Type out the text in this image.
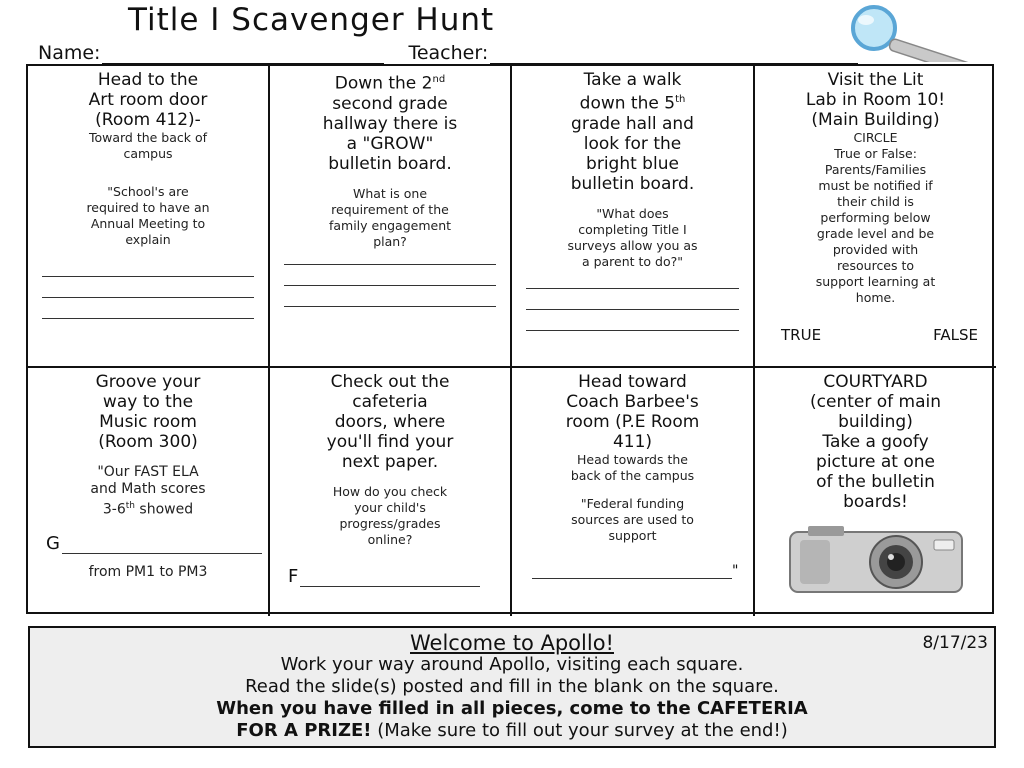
Title I Scavenger Hunt
Name:	Teacher:
Head to the
Art room door
(Room 412)-
Toward the back of
campus
"School's are
required to have an
Annual Meeting to
explain
Down the 2nd
second grade
hallway there is
a "GROW"
bulletin board.
What is one
requirement of the
family engagement
plan?
Take a walk
down the 5th
grade hall and
look for the
bright blue
bulletin board.
"What does
completing Title I
surveys allow you as
a parent to do?"
Visit the Lit
Lab in Room 10!
(Main Building)
CIRCLE
True or False:
Parents/Families
must be notified if
their child is
performing below
grade level and be
provided with
resources to
support learning at
home.
TRUE	FALSE
Groove your
way to the
Music room
(Room 300)
"Our FAST ELA
and Math scores
3-6th showed
G
from PM1 to PM3
Check out the
cafeteria
doors, where
you'll find your
next paper.
How do you check
your child's
progress/grades
online?
F
Head toward
Coach Barbee's
room (P.E Room
411)
Head towards the
back of the campus
"Federal funding
sources are used to
support
"
COURTYARD
(center of main
building)
Take a goofy
picture at one
of the bulletin
boards!
Welcome to Apollo!	8/17/23
Work your way around Apollo, visiting each square.
Read the slide(s) posted and fill in the blank on the square.
When you have filled in all pieces, come to the CAFETERIA
FOR A PRIZE! (Make sure to fill out your survey at the end!)
